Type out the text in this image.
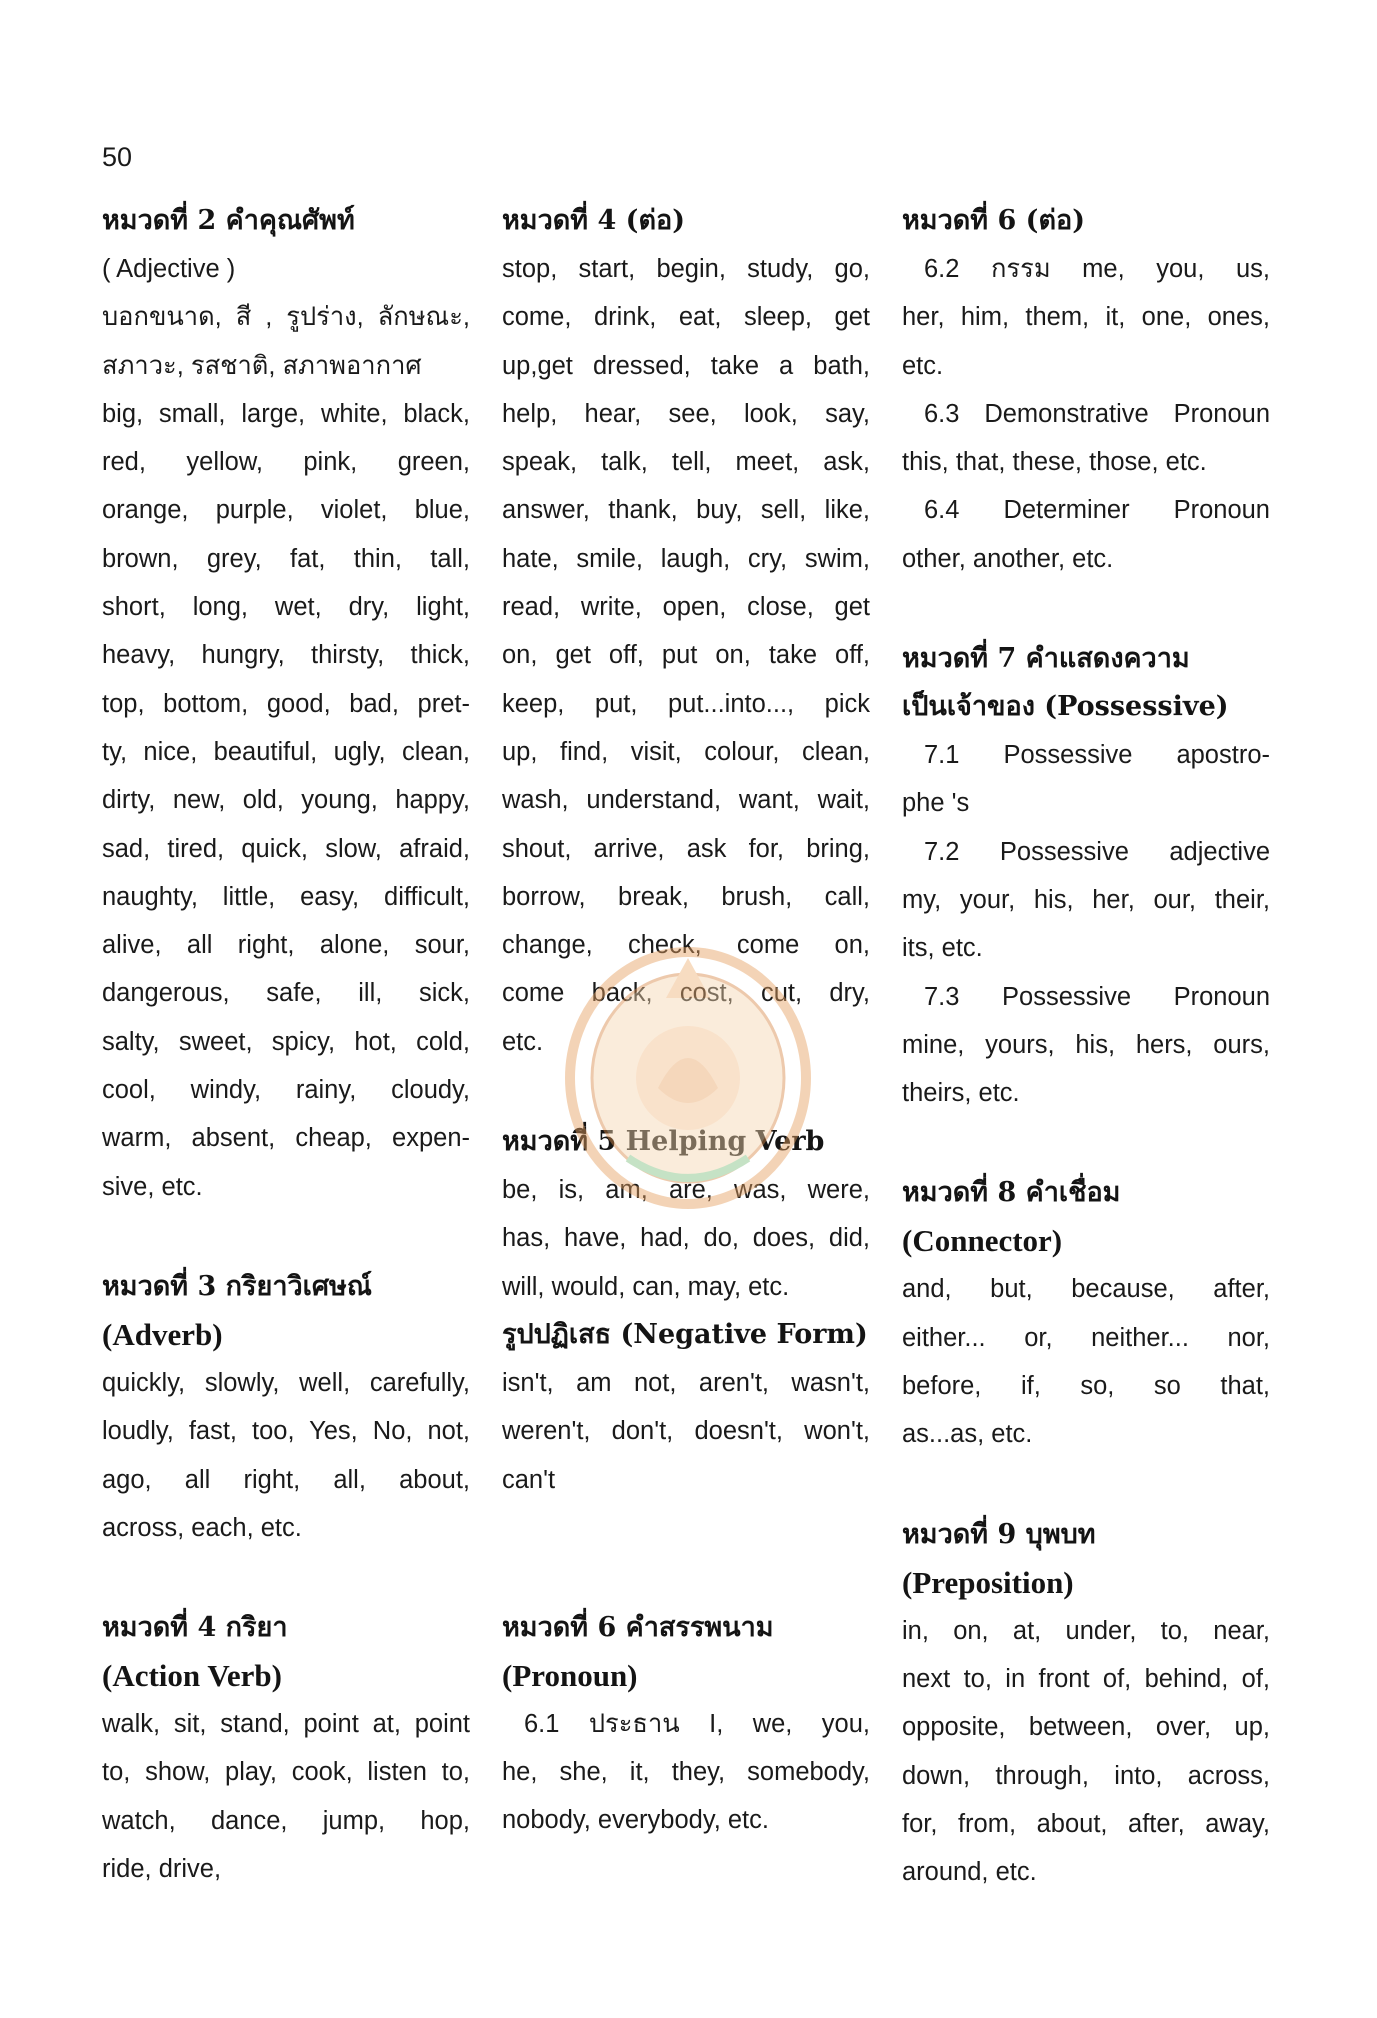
50
หมวดที่ 2 คำคุณศัพท์
( Adjective )
บอกขนาด, สี , รูปร่าง, ลักษณะ,
สภาวะ, รสชาติ, สภาพอากาศ
big, small, large, white, black,
red, yellow, pink, green,
orange, purple, violet, blue,
brown, grey, fat, thin, tall,
short, long, wet, dry, light,
heavy, hungry, thirsty, thick,
top, bottom, good, bad, pret-
ty, nice, beautiful, ugly, clean,
dirty, new, old, young, happy,
sad, tired, quick, slow, afraid,
naughty, little, easy, difficult,
alive, all right, alone, sour,
dangerous, safe, ill, sick,
salty, sweet, spicy, hot, cold,
cool, windy, rainy, cloudy,
warm, absent, cheap, expen-
sive, etc.
หมวดที่ 3 กริยาวิเศษณ์
(Adverb)
quickly, slowly, well, carefully,
loudly, fast, too, Yes, No, not,
ago, all right, all, about,
across, each, etc.
หมวดที่ 4 กริยา
(Action Verb)
walk, sit, stand, point at, point
to, show, play, cook, listen to,
watch, dance, jump, hop,
ride, drive,
หมวดที่ 4 (ต่อ)
stop, start, begin, study, go,
come, drink, eat, sleep, get
up,get dressed, take a bath,
help, hear, see, look, say,
speak, talk, tell, meet, ask,
answer, thank, buy, sell, like,
hate, smile, laugh, cry, swim,
read, write, open, close, get
on, get off, put on, take off,
keep, put, put...into..., pick
up, find, visit, colour, clean,
wash, understand, want, wait,
shout, arrive, ask for, bring,
borrow, break, brush, call,
change, check, come on,
come back, cost, cut, dry,
etc.
หมวดที่ 5 Helping Verb
be, is, am, are, was, were,
has, have, had, do, does, did,
will, would, can, may, etc.
รูปปฏิเสธ (Negative Form)
isn't, am not, aren't, wasn't,
weren't, don't, doesn't, won't,
can't
หมวดที่ 6 คำสรรพนาม
(Pronoun)
6.1 ประธาน I, we, you,
he, she, it, they, somebody,
nobody, everybody, etc.
หมวดที่ 6 (ต่อ)
6.2 กรรม me, you, us,
her, him, them, it, one, ones,
etc.
6.3 Demonstrative Pronoun
this, that, these, those, etc.
6.4 Determiner Pronoun
other, another, etc.
หมวดที่ 7 คำแสดงความ
เป็นเจ้าของ (Possessive)
7.1 Possessive apostro-
phe 's
7.2 Possessive adjective
my, your, his, her, our, their,
its, etc.
7.3 Possessive Pronoun
mine, yours, his, hers, ours,
theirs, etc.
หมวดที่ 8 คำเชื่อม
(Connector)
and, but, because, after,
either... or, neither... nor,
before, if, so, so that,
as...as, etc.
หมวดที่ 9 บุพบท
(Preposition)
in, on, at, under, to, near,
next to, in front of, behind, of,
opposite, between, over, up,
down, through, into, across,
for, from, about, after, away,
around, etc.
